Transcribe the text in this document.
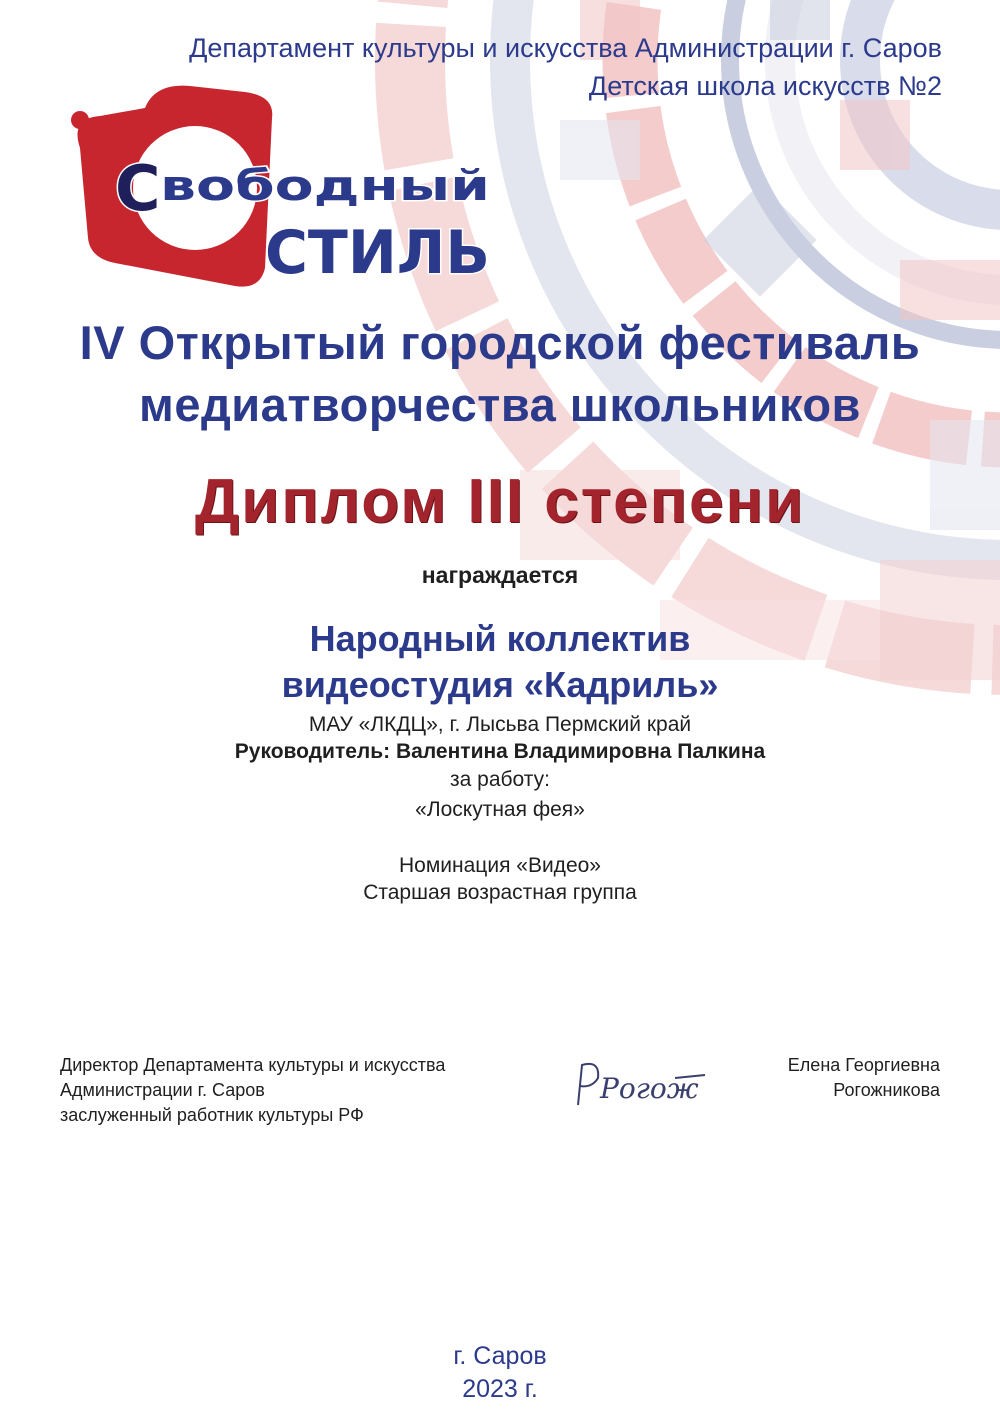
Департамент культуры и искусства Администрации г. Саров
Детская школа искусств №2
С вободный
СТИЛЬ
IV Открытый городской фестиваль
медиатворчества школьников
Диплом III степени
награждается
Народный коллектив
видеостудия «Кадриль»
МАУ «ЛКДЦ», г. Лысьва Пермский край
Руководитель: Валентина Владимировна Палкина
за работу:
«Лоскутная фея»
Номинация «Видео»
Старшая возрастная группа
Директор Департамента культуры и искусства
Администрации г. Саров
заслуженный работник культуры РФ
Рогож
Елена Георгиевна
Рогожникова
г. Саров
2023 г.
